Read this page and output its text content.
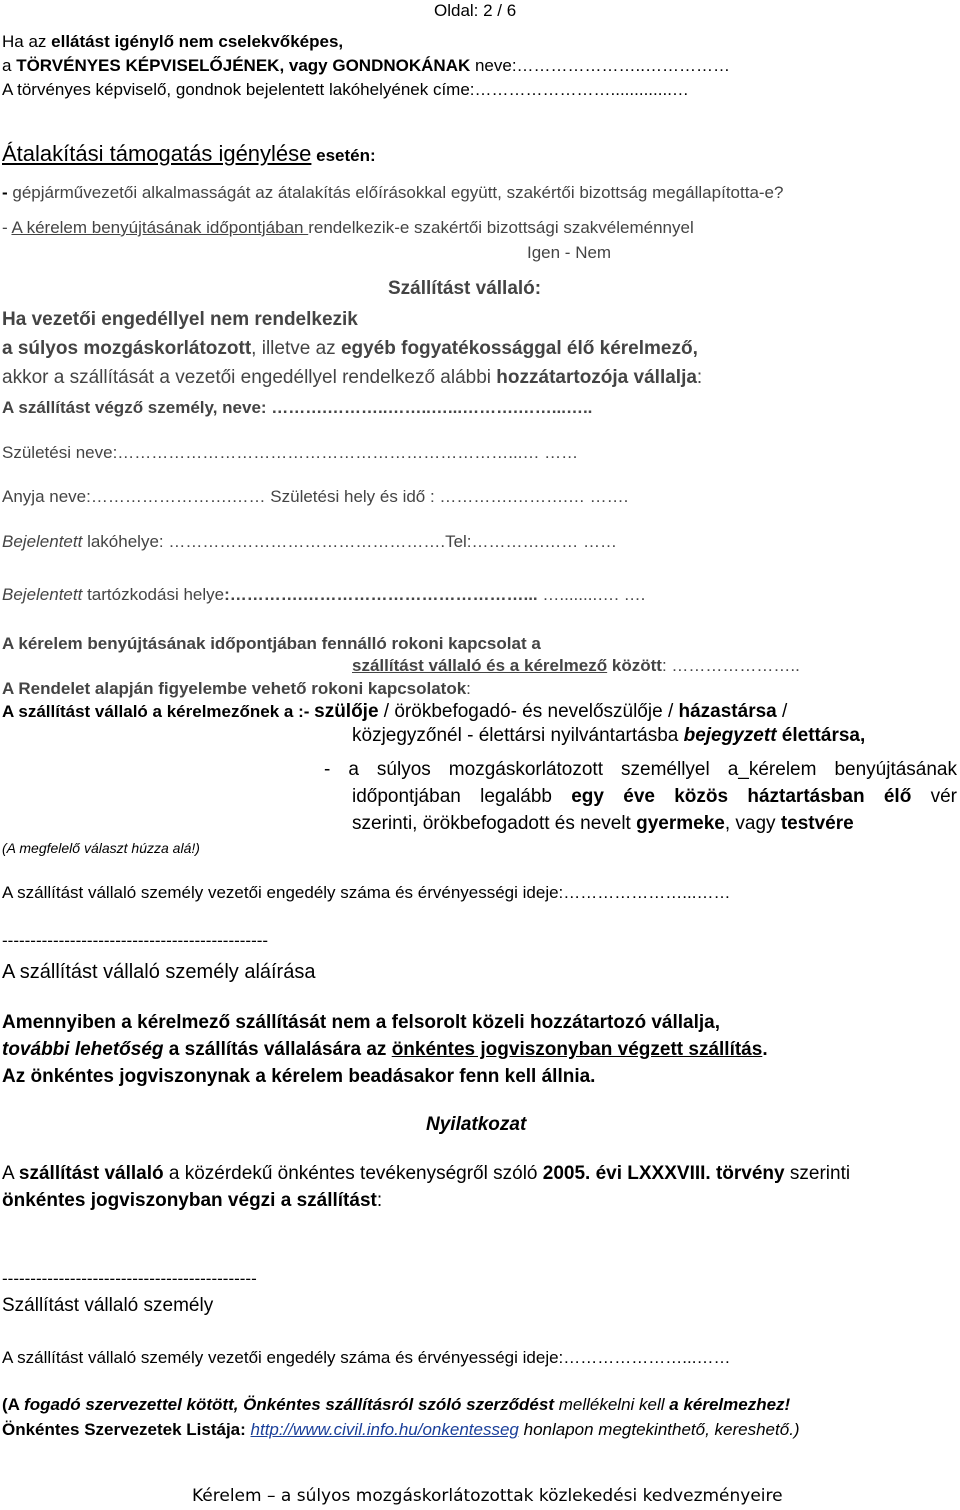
Oldal: 2 / 6
Ha az ellátást igénylő nem cselekvőképes,
a TÖRVÉNYES KÉPVISELŐJÉNEK, vagy GONDNOKÁNAK neve:…………………..……………
A törvényes képviselő, gondnok bejelentett lakóhelyének címe:…………………….............…
Átalakítási támogatás igénylése esetén:
- gépjárművezetői alkalmasságát az átalakítás előírásokkal együtt, szakértői bizottság megállapította-e?
- A kérelem benyújtásának időpontjában rendelkezik-e szakértői bizottsági szakvéleménnyel
Igen - Nem
Szállítást vállaló:
Ha vezetői engedéllyel nem rendelkezik
a súlyos mozgáskorlátozott, illetve az egyéb fogyatékossággal élő kérelmező,
akkor a szállítását a vezetői engedéllyel rendelkező alábbi hozzátartozója vállalja:
A szállítást végző személy, neve: ……….………..……..…...……….……...…..
Születési neve:……………………………………………………………...… ……
Anyja neve:…………………….…… Születési hely és idő : ………….……….… …….
Bejelentett lakóhelye: ………………………………………….Tel:………….…… ……
Bejelentett tartózkodási helye:………….…………………………………... …........…. ….
A kérelem benyújtásának időpontjában fennálló rokoni kapcsolat a
szállítást vállaló és a kérelmező között: …………………..
A Rendelet alapján figyelembe vehető rokoni kapcsolatok:
A szállítást vállaló a kérelmezőnek a :- szülője / örökbefogadó- és nevelőszülője / házastársa /
közjegyzőnél - élettársi nyilvántartásba bejegyzett élettársa,
- a súlyos mozgáskorlátozott személlyel a_kérelem benyújtásának
időpontjában legalább egy éve közös háztartásban élő vér
szerinti, örökbefogadott és nevelt gyermeke, vagy testvére
(A megfelelő választ húzza alá!)
A szállítást vállaló személy vezetői engedély száma és érvényességi ideje:…………………...……
-----------------------------------------------
A szállítást vállaló személy aláírása
Amennyiben a kérelmező szállítását nem a felsorolt közeli hozzátartozó vállalja,
további lehetőség a szállítás vállalására az önkéntes jogviszonyban végzett szállítás.
Az önkéntes jogviszonynak a kérelem beadásakor fenn kell állnia.
Nyilatkozat
A szállítást vállaló a közérdekű önkéntes tevékenységről szóló 2005. évi LXXXVIII. törvény szerinti
önkéntes jogviszonyban végzi a szállítást:
---------------------------------------------
Szállítást vállaló személy
A szállítást vállaló személy vezetői engedély száma és érvényességi ideje:…………………...……
(A fogadó szervezettel kötött, Önkéntes szállításról szóló szerződést mellékelni kell a kérelmezhez!
Önkéntes Szervezetek Listája: http://www.civil.info.hu/onkentesseg honlapon megtekinthető, kereshető.)
Kérelem – a súlyos mozgáskorlátozottak közlekedési kedvezményeire
